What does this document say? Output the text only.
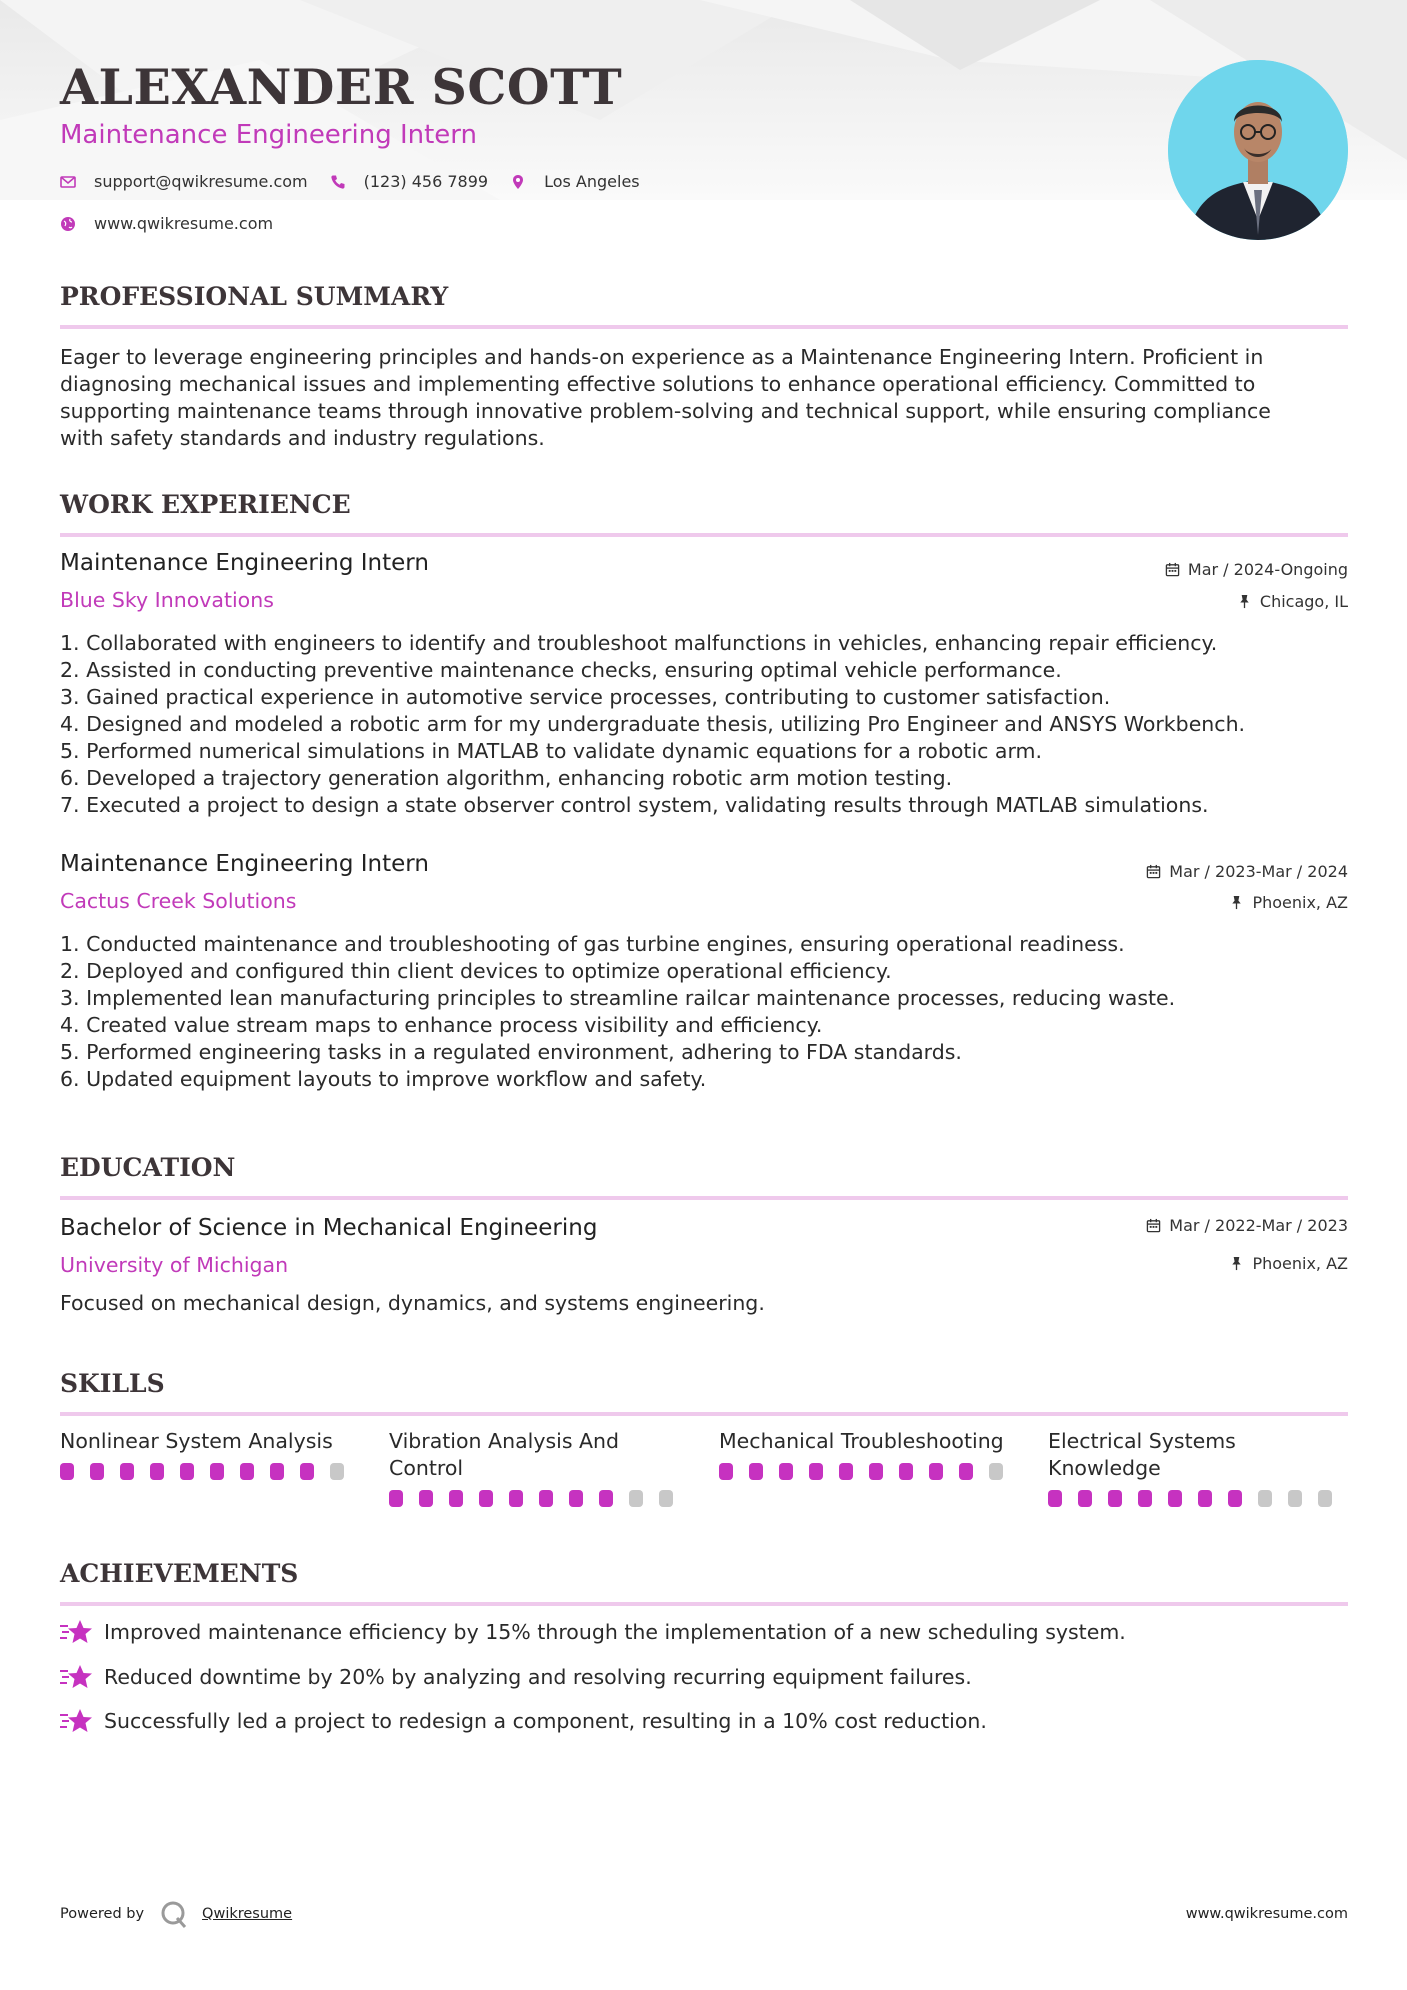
ALEXANDER SCOTT
Maintenance Engineering Intern
support@qwikresume.com	(123) 456 7899	Los Angeles
www.qwikresume.com
PROFESSIONAL SUMMARY
Eager to leverage engineering principles and hands-on experience as a Maintenance Engineering Intern. Proficient in
diagnosing mechanical issues and implementing effective solutions to enhance operational efficiency. Committed to
supporting maintenance teams through innovative problem-solving and technical support, while ensuring compliance
with safety standards and industry regulations.
WORK EXPERIENCE
Maintenance Engineering Intern
Blue Sky Innovations
Mar / 2024-Ongoing
Chicago, IL
1. Collaborated with engineers to identify and troubleshoot malfunctions in vehicles, enhancing repair efficiency.
2. Assisted in conducting preventive maintenance checks, ensuring optimal vehicle performance.
3. Gained practical experience in automotive service processes, contributing to customer satisfaction.
4. Designed and modeled a robotic arm for my undergraduate thesis, utilizing Pro Engineer and ANSYS Workbench.
5. Performed numerical simulations in MATLAB to validate dynamic equations for a robotic arm.
6. Developed a trajectory generation algorithm, enhancing robotic arm motion testing.
7. Executed a project to design a state observer control system, validating results through MATLAB simulations.
Maintenance Engineering Intern
Cactus Creek Solutions
Mar / 2023-Mar / 2024
Phoenix, AZ
1. Conducted maintenance and troubleshooting of gas turbine engines, ensuring operational readiness.
2. Deployed and configured thin client devices to optimize operational efficiency.
3. Implemented lean manufacturing principles to streamline railcar maintenance processes, reducing waste.
4. Created value stream maps to enhance process visibility and efficiency.
5. Performed engineering tasks in a regulated environment, adhering to FDA standards.
6. Updated equipment layouts to improve workflow and safety.
EDUCATION
Bachelor of Science in Mechanical Engineering
University of Michigan
Mar / 2022-Mar / 2023
Phoenix, AZ
Focused on mechanical design, dynamics, and systems engineering.
SKILLS
Nonlinear System Analysis	Vibration Analysis And
Control
Mechanical Troubleshooting	Electrical Systems
Knowledge
ACHIEVEMENTS
Improved maintenance efficiency by 15% through the implementation of a new scheduling system.
Reduced downtime by 20% by analyzing and resolving recurring equipment failures.
Successfully led a project to redesign a component, resulting in a 10% cost reduction.
Powered by	Qwikresume	www.qwikresume.com
